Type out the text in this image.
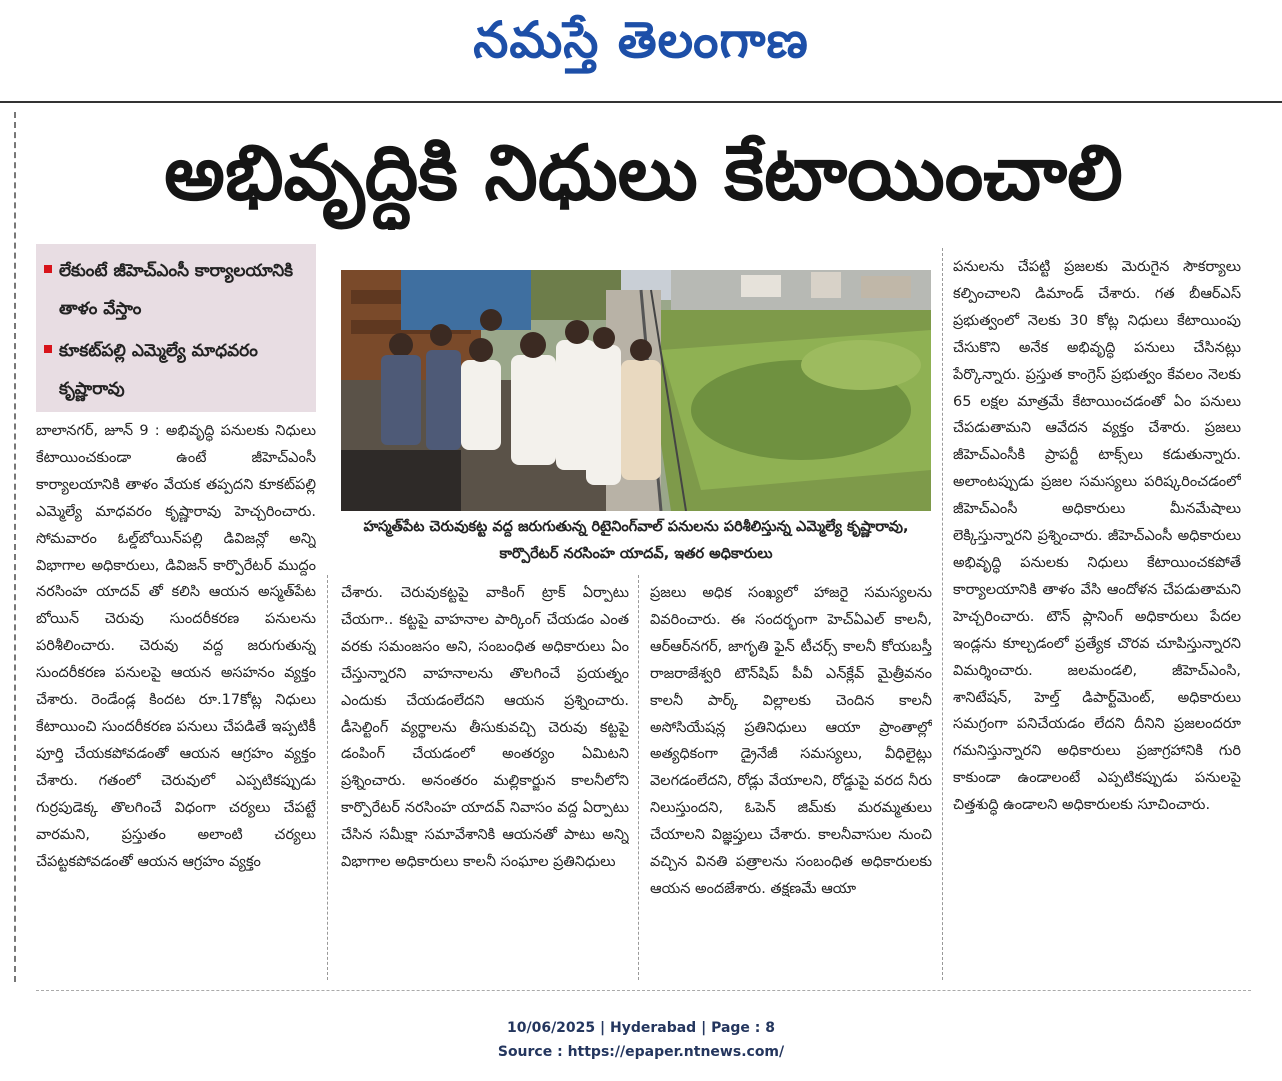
నమస్తే తెలంగాణ
అభివృద్ధికి నిధులు కేటాయించాలి
లేకుంటే జీహెచ్‌ఎంసీ కార్యాలయానికి తాళం వేస్తాం
కూకట్‌పల్లి ఎమ్మెల్యే మాధవరం కృష్ణారావు
హస్మత్‌పేట చెరువుకట్ట వద్ద జరుగుతున్న రిటైనింగ్‌వాల్ పనులను పరిశీలిస్తున్న ఎమ్మెల్యే కృష్ణారావు, కార్పొరేటర్ నరసింహ యాదవ్, ఇతర అధికారులు

బాలానగర్, జూన్ 9 : అభివృద్ధి పనులకు నిధులు కేటాయించకుండా ఉంటే జీహెచ్‌ఎంసీ కార్యాలయానికి తాళం వేయక తప్పదని కూకట్‌పల్లి ఎమ్మెల్యే మాధవరం కృష్ణారావు హెచ్చరించారు. సోమవారం ఓల్డ్‌బోయిన్‌పల్లి డివిజన్లో అన్ని విభాగాల అధికారులు, డివిజన్ కార్పొరేటర్ ముద్దం నరసింహ యాదవ్ తో కలిసి ఆయన అస్మత్‌పేట బోయిన్ చెరువు సుందరీకరణ పనులను పరిశీలించారు. చెరువు వద్ద జరుగుతున్న సుందరీకరణ పనులపై ఆయన అసహనం వ్యక్తం చేశారు. రెండేండ్ల కిందట రూ.17కోట్ల నిధులు కేటాయించి సుందరీకరణ పనులు చేపడితే ఇప్పటికీ పూర్తి చేయకపోవడంతో ఆయన ఆగ్రహం వ్యక్తం చేశారు. గతంలో చెరువులో ఎప్పటికప్పుడు గుర్రపుడెక్క తొలగించే విధంగా చర్యలు చేపట్టే వారమని, ప్రస్తుతం అలాంటి చర్యలు చేపట్టకపోవడంతో ఆయన ఆగ్రహం వ్యక్తం

చేశారు. చెరువుకట్టపై వాకింగ్ ట్రాక్ ఏర్పాటు చేయగా.. కట్టపై వాహనాల పార్కింగ్ చేయడం ఎంత వరకు సమంజసం అని, సంబంధిత అధికారులు ఏం చేస్తున్నారని వాహనాలను తొలగించే ప్రయత్నం ఎందుకు చేయడంలేదని ఆయన ప్రశ్నించారు. డీసెల్టింగ్ వ్యర్థాలను తీసుకువచ్చి చెరువు కట్టపై డంపింగ్ చేయడంలో అంతర్యం ఏమిటని ప్రశ్నించారు. అనంతరం మల్లికార్జున కాలనీలోని కార్పొరేటర్ నరసింహ యాదవ్ నివాసం వద్ద ఏర్పాటు చేసిన సమీక్షా సమావేశానికి ఆయనతో పాటు అన్ని విభాగాల అధికారులు కాలనీ సంఘాల ప్రతినిధులు

ప్రజలు అధిక సంఖ్యలో హాజరై సమస్యలను వివరించారు. ఈ సందర్భంగా హెచ్ఏఎల్ కాలనీ, ఆర్‌ఆర్‌నగర్, జాగృతి ఫైన్ టీచర్స్ కాలనీ కోయబస్తీ రాజరాజేశ్వరి టౌన్‌షిప్ పీవీ ఎన్‌క్లేవ్ మైత్రీవనం కాలనీ పార్క్ విల్లాలకు చెందిన కాలనీ అసోసియేషన్ల ప్రతినిధులు ఆయా ప్రాంతాల్లో అత్యధికంగా డ్రైనేజీ సమస్యలు, వీధిలైట్లు వెలగడంలేదని, రోడ్లు వేయాలని, రోడ్డుపై వరద నీరు నిలుస్తుందని, ఓపెన్ జిమ్‌కు మరమ్మతులు చేయాలని విజ్ఞప్తులు చేశారు. కాలనీవాసుల నుంచి వచ్చిన వినతి పత్రాలను సంబంధిత అధికారులకు ఆయన అందజేశారు. తక్షణమే ఆయా

పనులను చేపట్టి ప్రజలకు మెరుగైన సౌకర్యాలు కల్పించాలని డిమాండ్ చేశారు. గత బీఆర్‌ఎస్ ప్రభుత్వంలో నెలకు 30 కోట్ల నిధులు కేటాయింపు చేసుకొని అనేక అభివృద్ధి పనులు చేసినట్లు పేర్కొన్నారు. ప్రస్తుత కాంగ్రెస్ ప్రభుత్వం కేవలం నెలకు 65 లక్షల మాత్రమే కేటాయించడంతో ఏం పనులు చేపడుతామని ఆవేదన వ్యక్తం చేశారు. ప్రజలు జీహెచ్‌ఎంసీకి ప్రాపర్టీ టాక్స్‌లు కడుతున్నారు. అలాంటప్పుడు ప్రజల సమస్యలు పరిష్కరించడంలో జీహెచ్‌ఎంసీ అధికారులు మీనమేషాలు లెక్కిస్తున్నారని ప్రశ్నించారు. జీహెచ్‌ఎంసీ అధికారులు అభివృద్ధి పనులకు నిధులు కేటాయించకపోతే కార్యాలయానికి తాళం వేసి ఆందోళన చేపడుతామని హెచ్చరించారు. టౌన్ ప్లానింగ్ అధికారులు పేదల ఇండ్లను కూల్చడంలో ప్రత్యేక చొరవ చూపిస్తున్నారని విమర్శించారు. జలమండలి, జీహెచ్‌ఎంసి, శానిటేషన్, హెల్త్ డిపార్ట్‌మెంట్, అధికారులు సమగ్రంగా పనిచేయడం లేదని దీనిని ప్రజలందరూ గమనిస్తున్నారని అధికారులు ప్రజాగ్రహానికి గురి కాకుండా ఉండాలంటే ఎప్పటికప్పుడు పనులపై చిత్తశుద్ధి ఉండాలని అధికారులకు సూచించారు.

10/06/2025 | Hyderabad | Page : 8
Source : https://epaper.ntnews.com/
